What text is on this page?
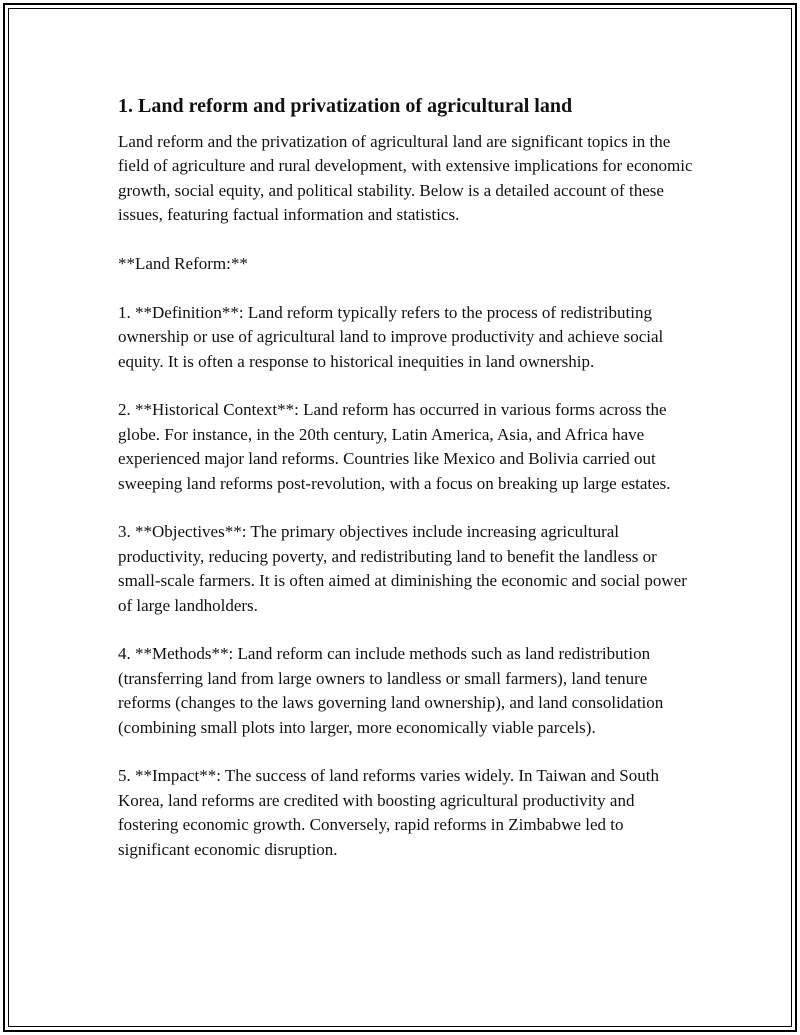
1. Land reform and privatization of agricultural land

Land reform and the privatization of agricultural land are significant topics in the field of agriculture and rural development, with extensive implications for economic growth, social equity, and political stability. Below is a detailed account of these issues, featuring factual information and statistics.

**Land Reform:**

1. **Definition**: Land reform typically refers to the process of redistributing ownership or use of agricultural land to improve productivity and achieve social equity. It is often a response to historical inequities in land ownership.

2. **Historical Context**: Land reform has occurred in various forms across the globe. For instance, in the 20th century, Latin America, Asia, and Africa have experienced major land reforms. Countries like Mexico and Bolivia carried out sweeping land reforms post-revolution, with a focus on breaking up large estates.

3. **Objectives**: The primary objectives include increasing agricultural productivity, reducing poverty, and redistributing land to benefit the landless or small-scale farmers. It is often aimed at diminishing the economic and social power of large landholders.

4. **Methods**: Land reform can include methods such as land redistribution (transferring land from large owners to landless or small farmers), land tenure reforms (changes to the laws governing land ownership), and land consolidation (combining small plots into larger, more economically viable parcels).

5. **Impact**: The success of land reforms varies widely. In Taiwan and South Korea, land reforms are credited with boosting agricultural productivity and fostering economic growth. Conversely, rapid reforms in Zimbabwe led to significant economic disruption.
